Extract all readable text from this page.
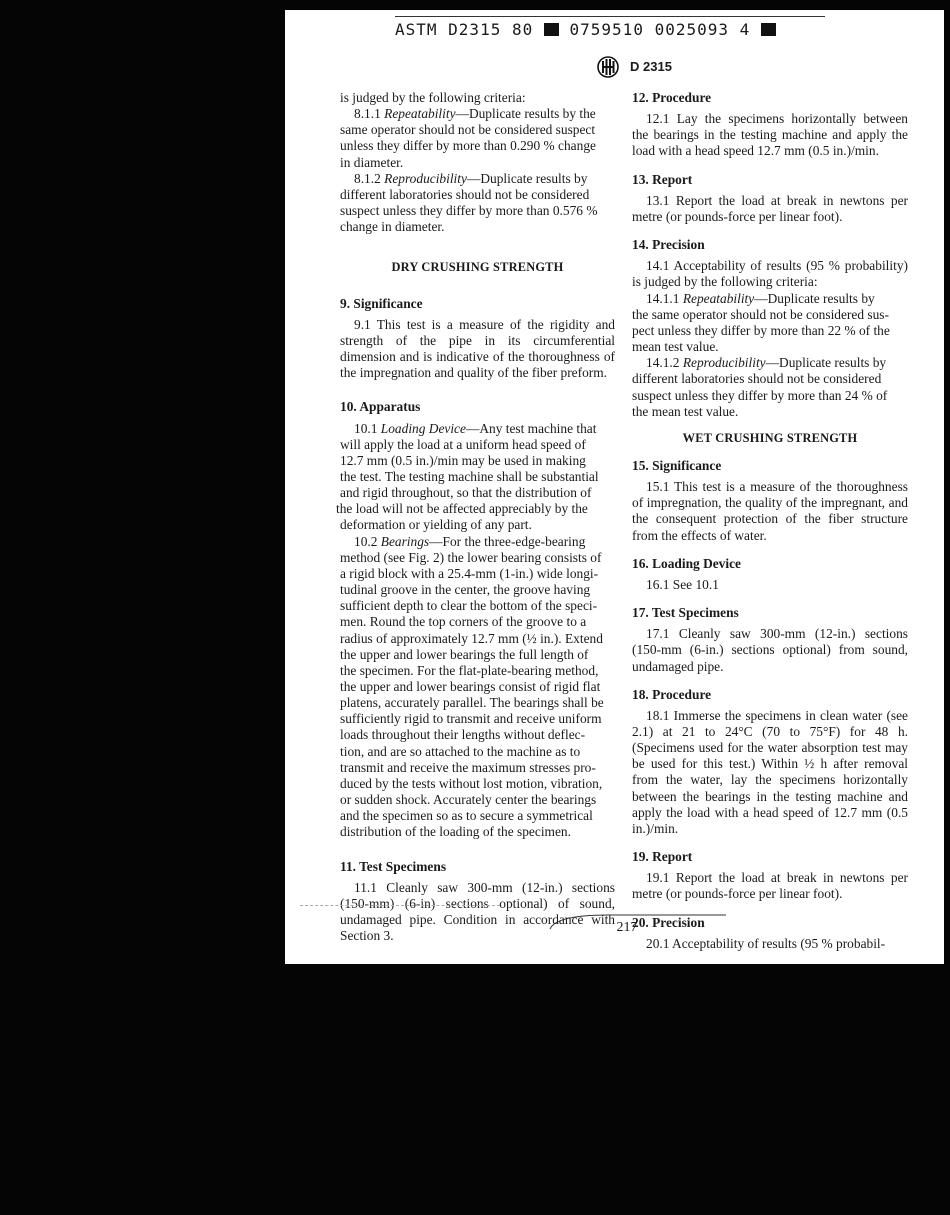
ASTM D2315 80 0759510 0025093 4
D 2315

is judged by the following criteria:

8.1.1 Repeatability—Duplicate results by the
same operator should not be considered suspect
unless they differ by more than 0.290 % change
in diameter.

8.1.2 Reproducibility—Duplicate results by
different laboratories should not be considered
suspect unless they differ by more than 0.576 %
change in diameter.

DRY CRUSHING STRENGTH
9. Significance

9.1 This test is a measure of the rigidity and strength of the pipe in its circumferential dimension and is indicative of the thoroughness of the impregnation and quality of the fiber preform.

10. Apparatus

10.1 Loading Device—Any test machine that
will apply the load at a uniform head speed of
12.7 mm (0.5 in.)/min may be used in making
the test. The testing machine shall be substantial
and rigid throughout, so that the distribution of
the load will not be affected appreciably by the
deformation or yielding of any part.

10.2 Bearings—For the three-edge-bearing
method (see Fig. 2) the lower bearing consists of
a rigid block with a 25.4-mm (1-in.) wide longi-
tudinal groove in the center, the groove having
sufficient depth to clear the bottom of the speci-
men. Round the top corners of the groove to a
radius of approximately 12.7 mm (½ in.). Extend
the upper and lower bearings the full length of
the specimen. For the flat-plate-bearing method,
the upper and lower bearings consist of rigid flat
platens, accurately parallel. The bearings shall be
sufficiently rigid to transmit and receive uniform
loads throughout their lengths without deflec-
tion, and are so attached to the machine as to
transmit and receive the maximum stresses pro-
duced by the tests without lost motion, vibration,
or sudden shock. Accurately center the bearings
and the specimen so as to secure a symmetrical
distribution of the loading of the specimen.

11. Test Specimens

11.1 Cleanly saw 300-mm (12-in.) sections (150-mm) (6-in) sections optional) of sound, undamaged pipe. Condition in accordance with Section 3.

12. Procedure

12.1 Lay the specimens horizontally between the bearings in the testing machine and apply the load with a head speed 12.7 mm (0.5 in.)/min.

13. Report

13.1 Report the load at break in newtons per metre (or pounds-force per linear foot).

14. Precision

14.1 Acceptability of results (95 % probability) is judged by the following criteria:

14.1.1 Repeatability—Duplicate results by
the same operator should not be considered sus-
pect unless they differ by more than 22 % of the
mean test value.

14.1.2 Reproducibility—Duplicate results by
different laboratories should not be considered
suspect unless they differ by more than 24 % of
the mean test value.

WET CRUSHING STRENGTH
15. Significance

15.1 This test is a measure of the thoroughness of impregnation, the quality of the impregnant, and the consequent protection of the fiber structure from the effects of water.

16. Loading Device

16.1 See 10.1

17. Test Specimens

17.1 Cleanly saw 300-mm (12-in.) sections (150-mm (6-in.) sections optional) from sound, undamaged pipe.

18. Procedure

18.1 Immerse the specimens in clean water (see 2.1) at 21 to 24°C (70 to 75°F) for 48 h. (Specimens used for the water absorption test may be used for this test.) Within ½ h after removal from the water, lay the specimens horizontally between the bearings in the testing machine and apply the load with a head speed of 12.7 mm (0.5 in.)/min.

19. Report

19.1 Report the load at break in newtons per metre (or pounds-force per linear foot).

20. Precision

20.1 Acceptability of results (95 % probabil-

217
